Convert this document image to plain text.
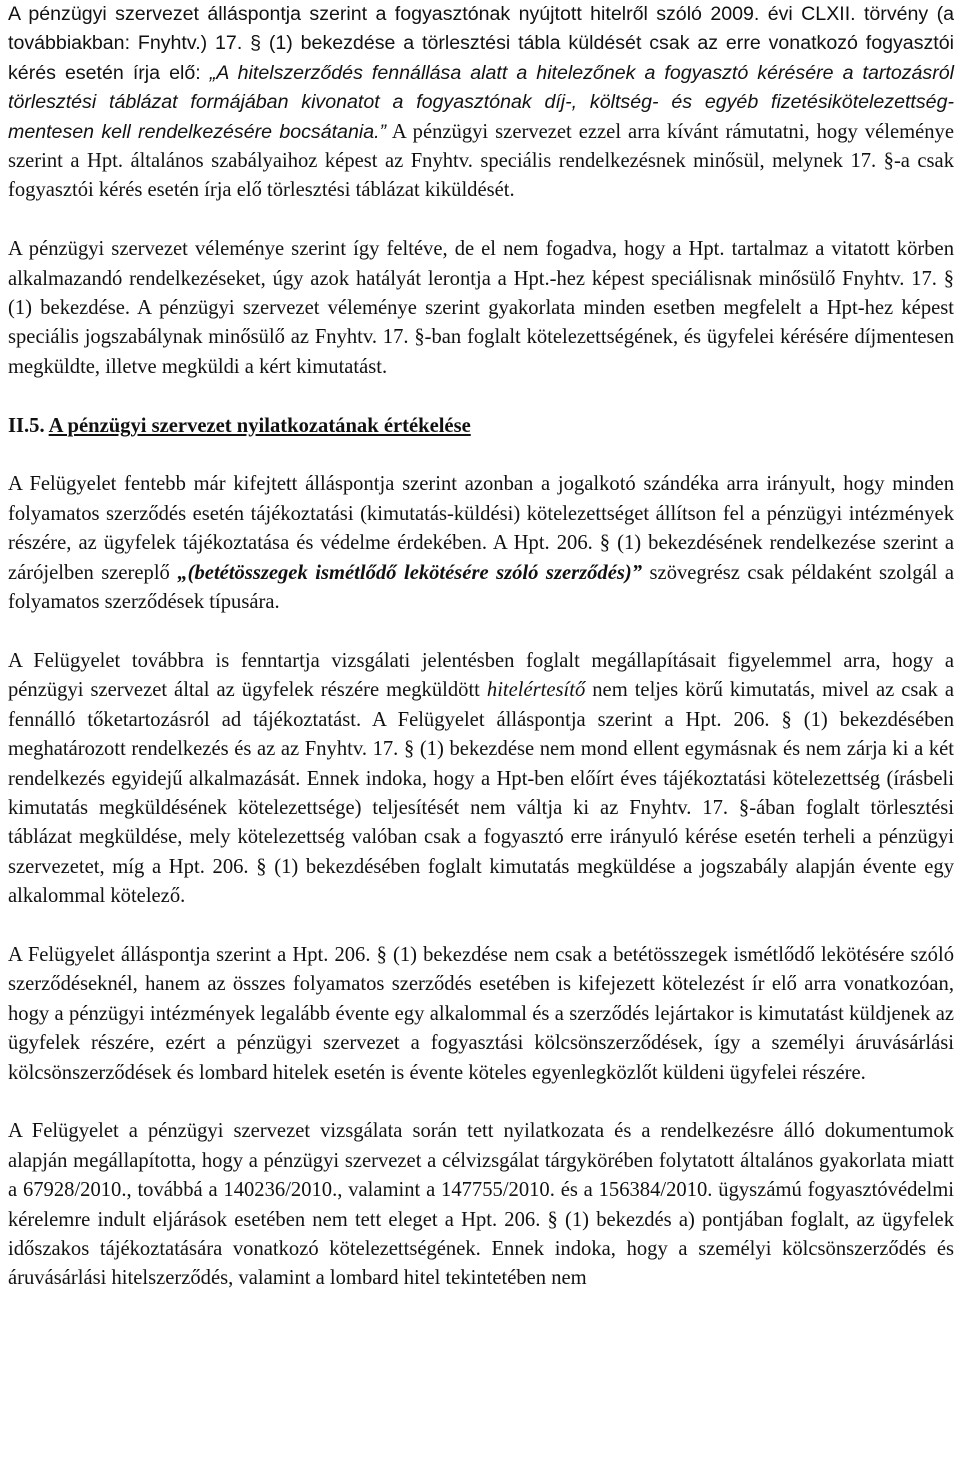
A pénzügyi szervezet álláspontja szerint a fogyasztónak nyújtott hitelről szóló 2009. évi CLXII. törvény (a továbbiakban: Fnyhtv.) 17. § (1) bekezdése a törlesztési tábla küldését csak az erre vonatkozó fogyasztói kérés esetén írja elő: „A hitelszerződés fennállása alatt a hitelezőnek a fogyasztó kérésére a tartozásról törlesztési táblázat formájában kivonatot a fogyasztónak díj-, költség- és egyéb fizetésikötelezettség-mentesen kell rendelkezésére bocsátania.” A pénzügyi szervezet ezzel arra kívánt rámutatni, hogy véleménye szerint a Hpt. általános szabályaihoz képest az Fnyhtv. speciális rendelkezésnek minősül, melynek 17. §-a csak fogyasztói kérés esetén írja elő törlesztési táblázat kiküldését.

A pénzügyi szervezet véleménye szerint így feltéve, de el nem fogadva, hogy a Hpt. tartalmaz a vitatott körben alkalmazandó rendelkezéseket, úgy azok hatályát lerontja a Hpt.-hez képest speciálisnak minősülő Fnyhtv. 17. § (1) bekezdése. A pénzügyi szervezet véleménye szerint gyakorlata minden esetben megfelelt a Hpt-hez képest speciális jogszabálynak minősülő az Fnyhtv. 17. §-ban foglalt kötelezettségének, és ügyfelei kérésére díjmentesen megküldte, illetve megküldi a kért kimutatást.

II.5. A pénzügyi szervezet nyilatkozatának értékelése

A Felügyelet fentebb már kifejtett álláspontja szerint azonban a jogalkotó szándéka arra irányult, hogy minden folyamatos szerződés esetén tájékoztatási (kimutatás-küldési) kötelezettséget állítson fel a pénzügyi intézmények részére, az ügyfelek tájékoztatása és védelme érdekében. A Hpt. 206. § (1) bekezdésének rendelkezése szerint a zárójelben szereplő „(betétösszegek ismétlődő lekötésére szóló szerződés)” szövegrész csak példaként szolgál a folyamatos szerződések típusára.

A Felügyelet továbbra is fenntartja vizsgálati jelentésben foglalt megállapításait figyelemmel arra, hogy a pénzügyi szervezet által az ügyfelek részére megküldött hitelértesítő nem teljes körű kimutatás, mivel az csak a fennálló tőketartozásról ad tájékoztatást. A Felügyelet álláspontja szerint a Hpt. 206. § (1) bekezdésében meghatározott rendelkezés és az az Fnyhtv. 17. § (1) bekezdése nem mond ellent egymásnak és nem zárja ki a két rendelkezés egyidejű alkalmazását. Ennek indoka, hogy a Hpt-ben előírt éves tájékoztatási kötelezettség (írásbeli kimutatás megküldésének kötelezettsége) teljesítését nem váltja ki az Fnyhtv. 17. §-ában foglalt törlesztési táblázat megküldése, mely kötelezettség valóban csak a fogyasztó erre irányuló kérése esetén terheli a pénzügyi szervezetet, míg a Hpt. 206. § (1) bekezdésében foglalt kimutatás megküldése a jogszabály alapján évente egy alkalommal kötelező.

A Felügyelet álláspontja szerint a Hpt. 206. § (1) bekezdése nem csak a betétösszegek ismétlődő lekötésére szóló szerződéseknél, hanem az összes folyamatos szerződés esetében is kifejezett kötelezést ír elő arra vonatkozóan, hogy a pénzügyi intézmények legalább évente egy alkalommal és a szerződés lejártakor is kimutatást küldjenek az ügyfelek részére, ezért a pénzügyi szervezet a fogyasztási kölcsönszerződések, így a személyi áruvásárlási kölcsönszerződések és lombard hitelek esetén is évente köteles egyenlegközlőt küldeni ügyfelei részére.

A Felügyelet a pénzügyi szervezet vizsgálata során tett nyilatkozata és a rendelkezésre álló dokumentumok alapján megállapította, hogy a pénzügyi szervezet a célvizsgálat tárgykörében folytatott általános gyakorlata miatt a 67928/2010., továbbá a 140236/2010., valamint a 147755/2010. és a 156384/2010. ügyszámú fogyasztóvédelmi kérelemre indult eljárások esetében nem tett eleget a Hpt. 206. § (1) bekezdés a) pontjában foglalt, az ügyfelek időszakos tájékoztatására vonatkozó kötelezettségének. Ennek indoka, hogy a személyi kölcsönszerződés és áruvásárlási hitelszerződés, valamint a lombard hitel tekintetében nem
